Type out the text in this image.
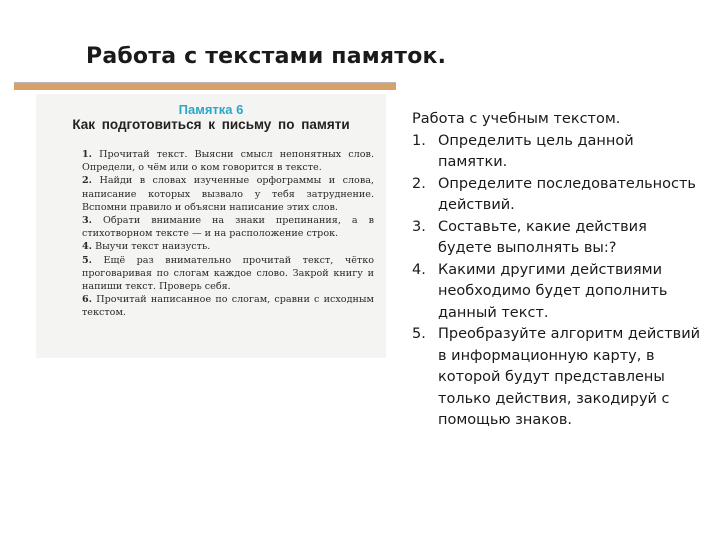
Работа с текстами памяток.
Памятка 6
Как подготовиться к письму по памяти

1. Прочитай текст. Выясни смысл непонятных слов. Определи, о чём или о ком говорится в тексте.

2. Найди в словах изученные орфограммы и слова, написание которых вызвало у тебя затруднение. Вспомни правило и объясни написание этих слов.

3. Обрати внимание на знаки препинания, а в стихотворном тексте — и на расположение строк.

4. Выучи текст наизусть.

5. Ещё раз внимательно прочитай текст, чётко проговаривая по слогам каждое слово. Закрой книгу и напиши текст. Проверь себя.

6. Прочитай написанное по слогам, сравни с исходным текстом.

Работа с учебным текстом.

1. Определить цель данной памятки.
2. Определите последовательность действий.
3. Составьте, какие действия будете выполнять вы:?
4. Какими другими действиями необходимо будет дополнить данный текст.
5. Преобразуйте алгоритм действий в информационную карту, в которой будут представлены только действия, закодируй с помощью знаков.
